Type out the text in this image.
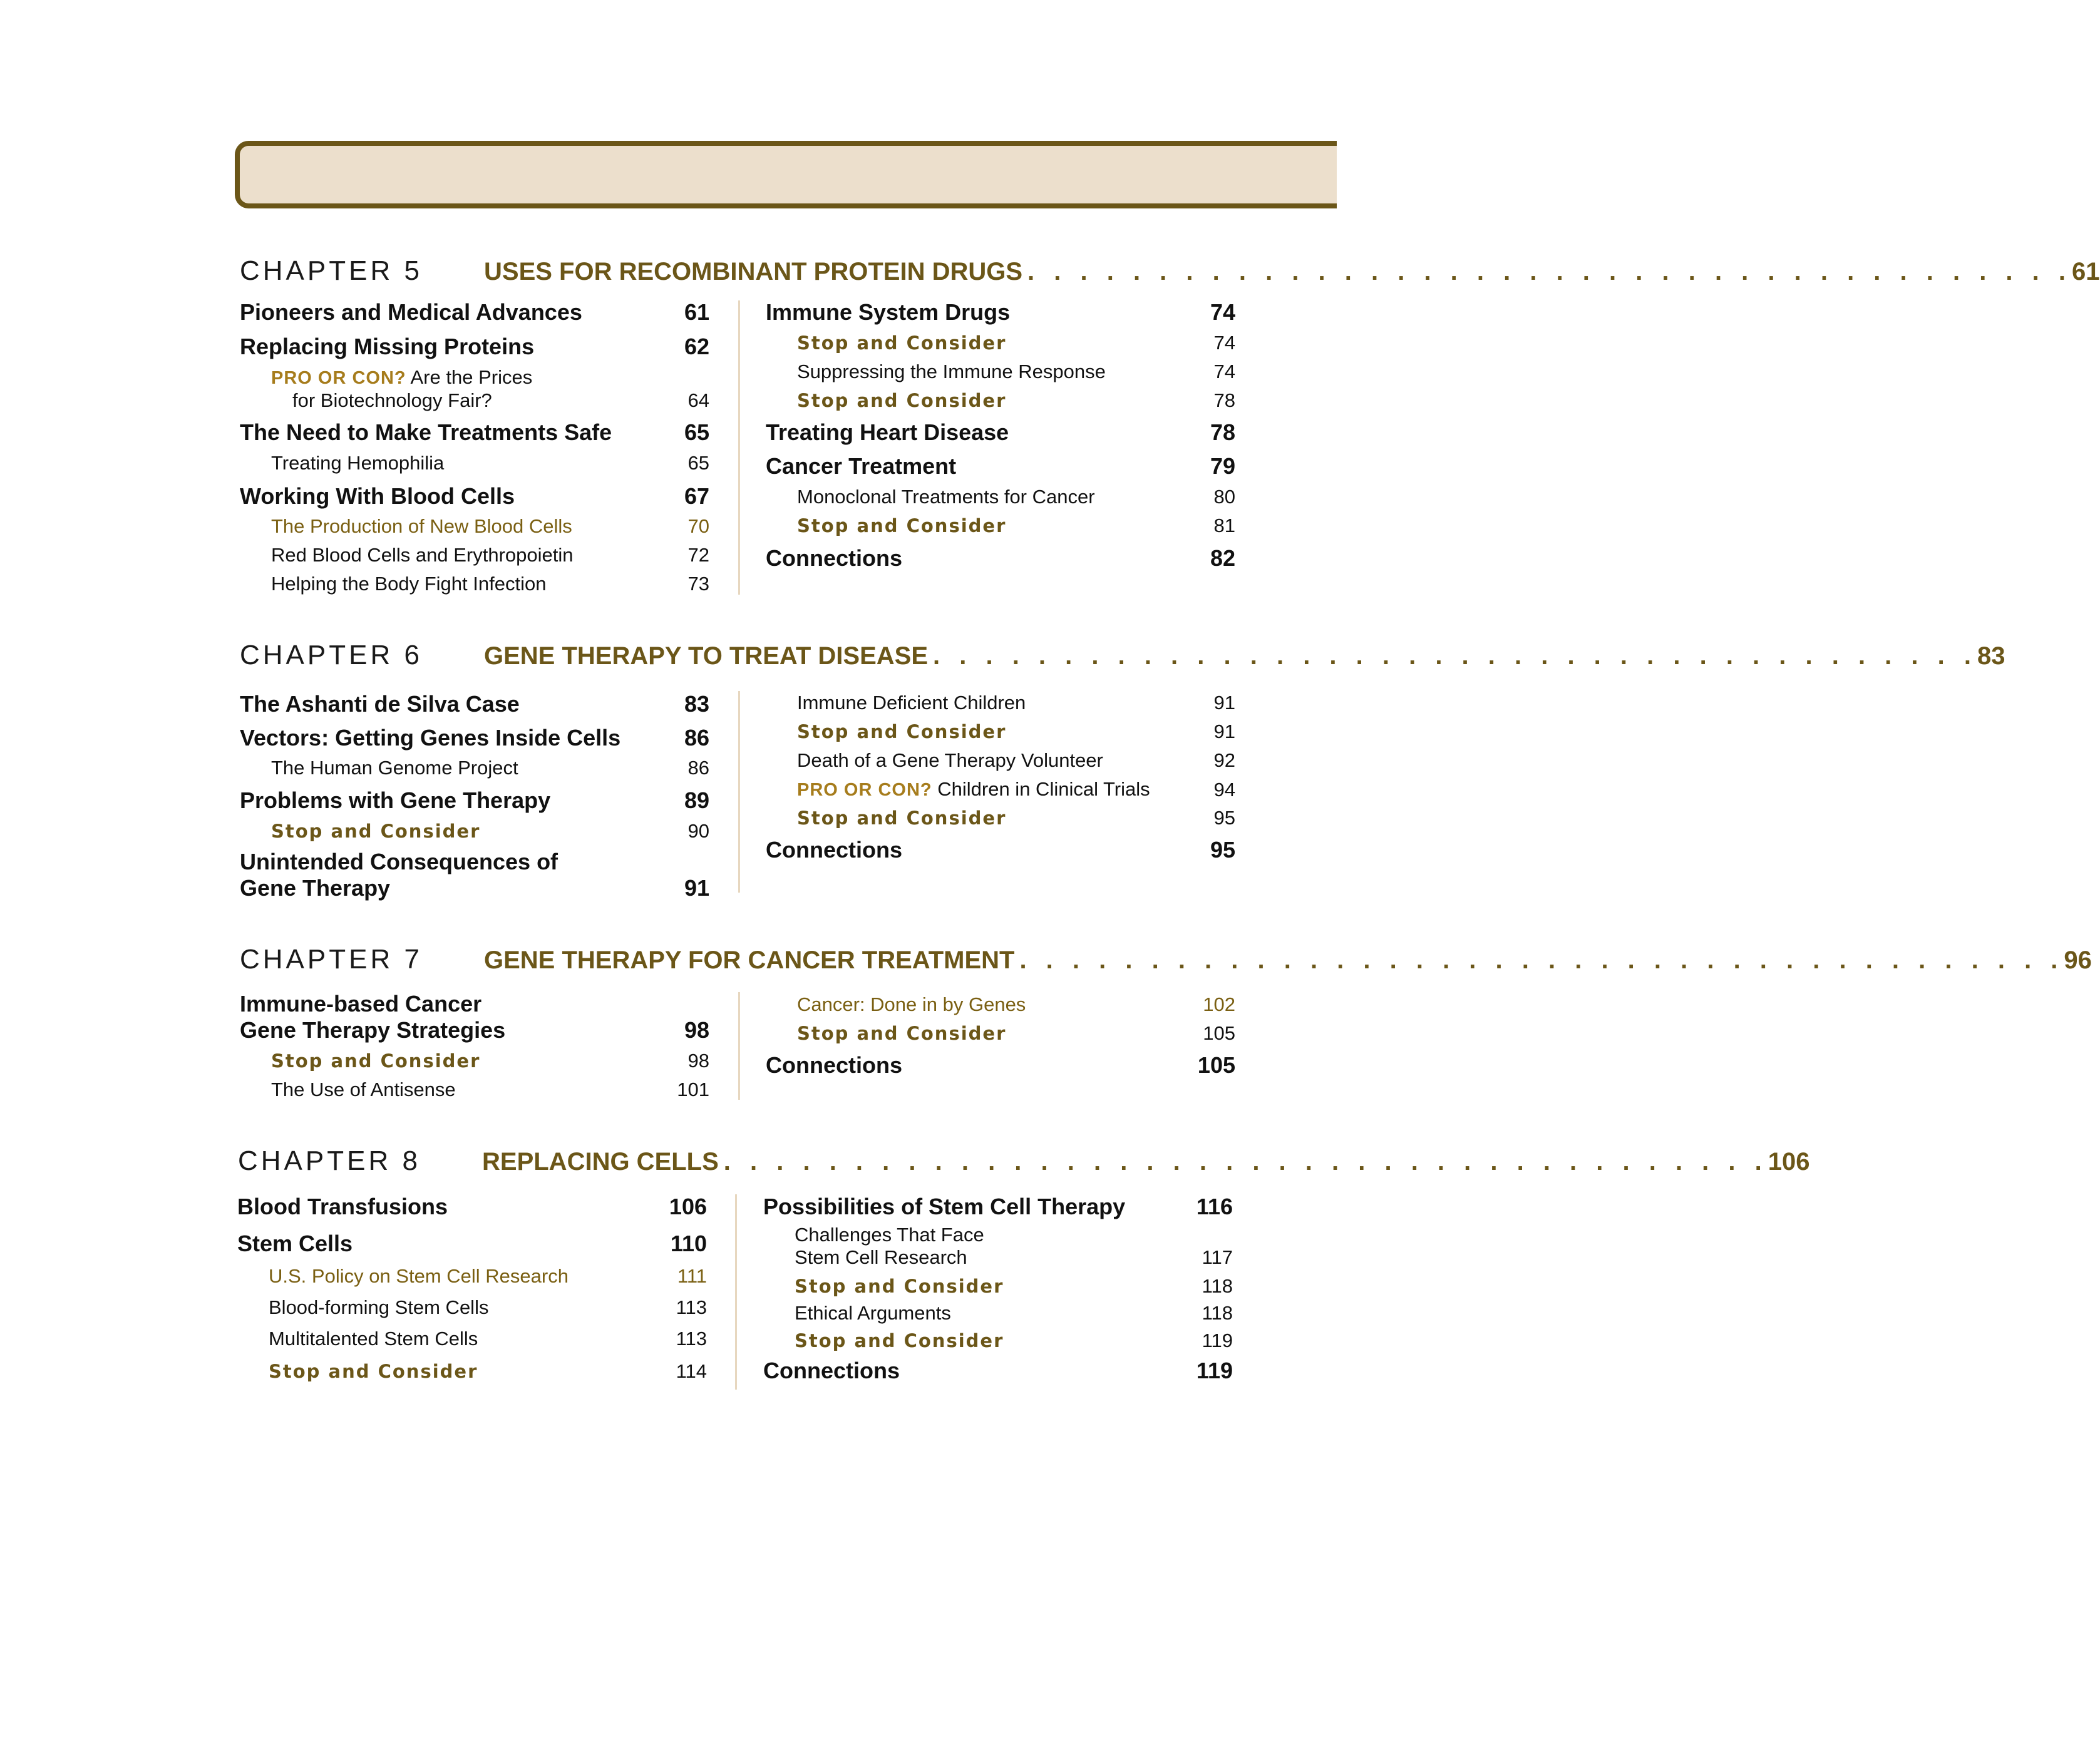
CHAPTER 5	USES FOR RECOMBINANT PROTEIN DRUGS . . . . . . . . . . . . . . . . . . . . . . . . . . . . . . . . . . . . . . . . 61
Pioneers and Medical Advances	61
Replacing Missing Proteins	62
PRO OR CON? Are the Prices
for Biotechnology Fair?	64
The Need to Make Treatments Safe	65
Treating Hemophilia	65
Working With Blood Cells	67
The Production of New Blood Cells	70
Red Blood Cells and Erythropoietin	72
Helping the Body Fight Infection	73
Immune System Drugs	74
Stop and Consider	74
Suppressing the Immune Response	74
Stop and Consider	78
Treating Heart Disease	78
Cancer Treatment	79
Monoclonal Treatments for Cancer	80
Stop and Consider	81
Connections	82
CHAPTER 6	GENE THERAPY TO TREAT DISEASE . . . . . . . . . . . . . . . . . . . . . . . . . . . . . . . . . . . . . . . . 83
The Ashanti de Silva Case	83
Vectors: Getting Genes Inside Cells	86
The Human Genome Project	86
Problems with Gene Therapy	89
Stop and Consider	90
Unintended Consequences of
Gene Therapy	91
Immune Deficient Children	91
Stop and Consider	91
Death of a Gene Therapy Volunteer	92
PRO OR CON? Children in Clinical Trials	94
Stop and Consider	95
Connections	95
CHAPTER 7	GENE THERAPY FOR CANCER TREATMENT . . . . . . . . . . . . . . . . . . . . . . . . . . . . . . . . . . . . . . . . 96
Immune-based Cancer
Gene Therapy Strategies	98
Stop and Consider	98
The Use of Antisense	101
Cancer: Done in by Genes	102
Stop and Consider	105
Connections	105
CHAPTER 8	REPLACING CELLS . . . . . . . . . . . . . . . . . . . . . . . . . . . . . . . . . . . . . . . . 106
Blood Transfusions	106
Stem Cells	110
U.S. Policy on Stem Cell Research	111
Blood-forming Stem Cells	113
Multitalented Stem Cells	113
Stop and Consider	114
Possibilities of Stem Cell Therapy	116
Challenges That Face
Stem Cell Research	117
Stop and Consider	118
Ethical Arguments	118
Stop and Consider	119
Connections	119
